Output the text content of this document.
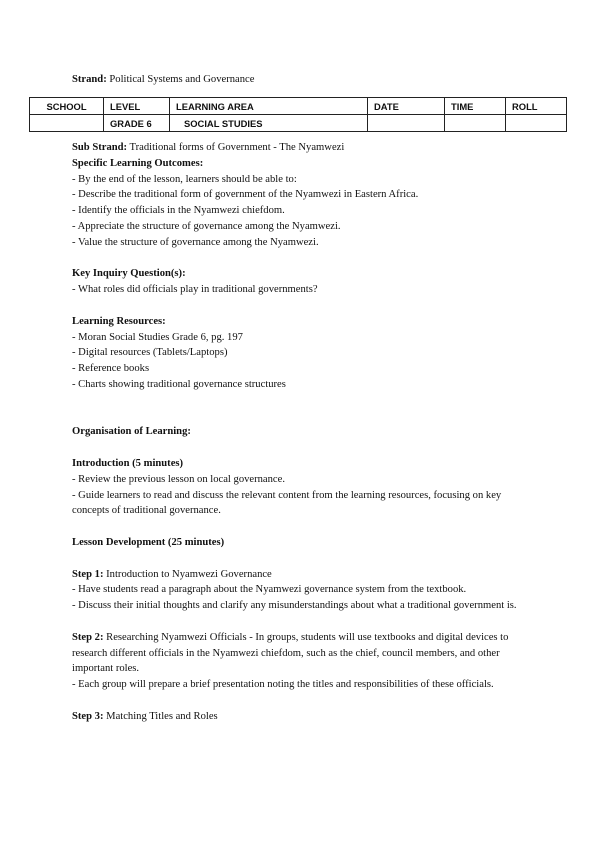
Strand: Political Systems and Governance
SCHOOL	LEVEL	LEARNING AREA	DATE	TIME	ROLL
	GRADE 6	SOCIAL STUDIES			
Sub Strand: Traditional forms of Government - The Nyamwezi
Specific Learning Outcomes:
- By the end of the lesson, learners should be able to:
- Describe the traditional form of government of the Nyamwezi in Eastern Africa.
- Identify the officials in the Nyamwezi chiefdom.
- Appreciate the structure of governance among the Nyamwezi.
- Value the structure of governance among the Nyamwezi.
Key Inquiry Question(s):
- What roles did officials play in traditional governments?
Learning Resources:
- Moran Social Studies Grade 6, pg. 197
- Digital resources (Tablets/Laptops)
- Reference books
- Charts showing traditional governance structures
Organisation of Learning:
Introduction (5 minutes)
- Review the previous lesson on local governance.
- Guide learners to read and discuss the relevant content from the learning resources, focusing on key concepts of traditional governance.
Lesson Development (25 minutes)
Step 1: Introduction to Nyamwezi Governance
- Have students read a paragraph about the Nyamwezi governance system from the textbook.
- Discuss their initial thoughts and clarify any misunderstandings about what a traditional government is.
Step 2: Researching Nyamwezi Officials - In groups, students will use textbooks and digital devices to research different officials in the Nyamwezi chiefdom, such as the chief, council members, and other important roles.
- Each group will prepare a brief presentation noting the titles and responsibilities of these officials.
Step 3: Matching Titles and Roles
